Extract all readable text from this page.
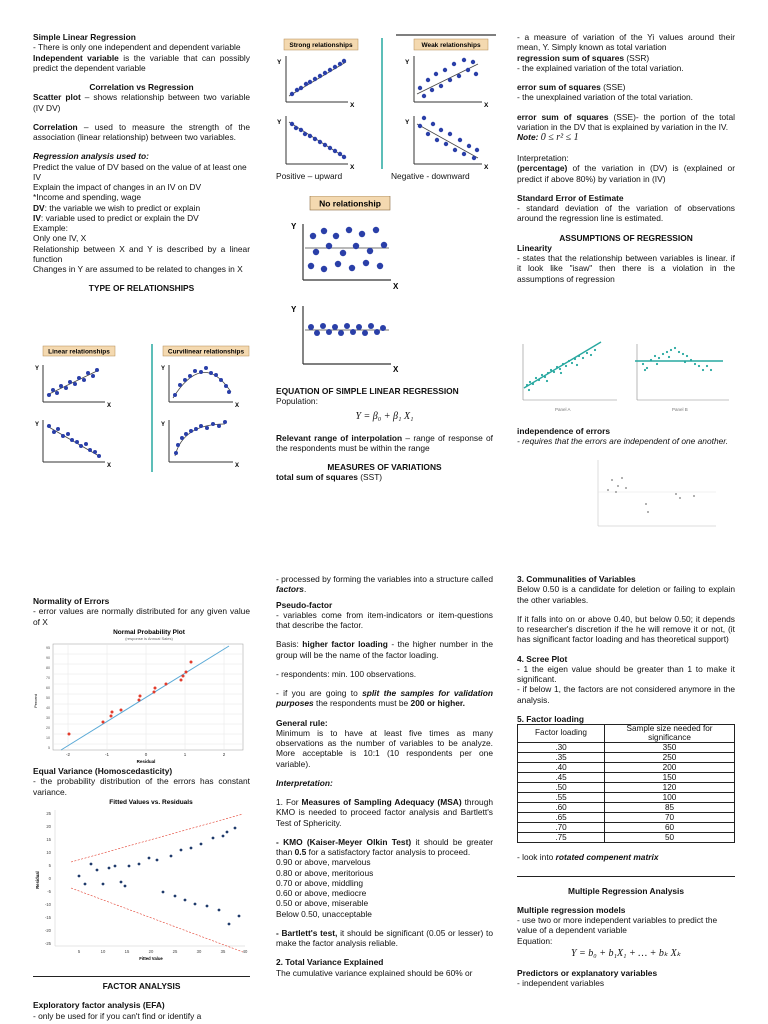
Simple Linear Regression

- There is only one independent and dependent variable

Independent variable is the variable that can possibly predict the dependent variable

Correlation vs Regression

Scatter plot – shows relationship between two variable (IV DV)

Correlation – used to measure the strength of the association (linear relationship) between two variables.

Regression analysis used to:

Predict the value of DV based on the value of at least one IV

Explain the impact of changes in an IV on DV

*Income and spending, wage

DV: the variable we wish to predict or explain

IV: variable used to predict or explain the DV

Example:

Only one IV, X

Relationship between X and Y is described by a linear function

Changes in Y are assumed to be related to changes in X

TYPE OF RELATIONSHIPS

Linear relationships	Curvilinear relationships
Y
X
Y
X
Y
X
Y
X
Strong relationships	Weak relationships
Y
X
Y
X
Y
X
Y
X
Positive – upward	Negative - downward
No relationship
Y
X
Y
X

EQUATION OF SIMPLE LINEAR REGRESSION

Population:

Y = β₀ + β₁ X₁

Relevant range of interpolation – range of response of the respondents must be within the range

MEASURES OF VARIATIONS

total sum of squares (SST)

- a measure of variation of the Yi values around their mean, Y. Simply known as total variation

regression sum of squares (SSR)

- the explained variation of the total variation.

error sum of squares (SSE)

- the unexplained variation of the total variation.

error sum of squares (SSE)- the portion of the total variation in the DV that is explained by variation in the IV.

Note: 0 ≤ r² ≤ 1

Interpretation:

(percentage) of the variation in (DV) is (explained or predict if above 80%) by variation in (IV)

Standard Error of Estimate

- standard deviation of the variation of observations around the regression line is estimated.

ASSUMPTIONS OF REGRESSION

Linearity

- states that the relationship between variables is linear. if it look like "isaw" then there is a violation in the assumptions of regression

Panel A	Panel B

independence of errors

- requires that the errors are independent of one another.

Normality of Errors

- error values are normally distributed for any given value of X

Normal Probability Plot
(response is Annual Sales)
95
90
80
70
60
50
40
30
20
10
5
Percent
-2	-1	0	1	2
Residual

Equal Variance (Homoscedasticity)

- the probability distribution of the errors has constant variance.

Fitted Values vs. Residuals
25
20
15
10
5
0
-5
-10
-15
-20
-25
Residual
5	10	15	20	25	30	35	40
Fitted Value

FACTOR ANALYSIS

Exploratory factor analysis (EFA)

- only be used for if you can't find or identify a

- processed by forming the variables into a structure called factors.

Pseudo-factor

- variables come from item-indicators or item-questions that describe the factor.

Basis: higher factor loading - the higher number in the group will be the name of the factor loading.

- respondents: min. 100 observations.

- if you are going to split the samples for validation purposes the respondents must be 200 or higher.

General rule:

Minimum is to have at least five times as many observations as the number of variables to be analyze. More acceptable is 10:1 (10 respondents per one variable).

Interpretation:

1. For Measures of Sampling Adequacy (MSA) through KMO is needed to proceed factor analysis and Bartlett's Test of Sphericity.

- KMO (Kaiser-Meyer Olkin Test) it should be greater than 0.5 for a satisfactory factor analysis to proceed.

0.90 or above, marvelous

0.80 or above, meritorious

0.70 or above, middling

0.60 or above, mediocre

0.50 or above, miserable

Below 0.50, unacceptable

- Bartlett's test, it should be significant (0.05 or lesser) to make the factor analysis reliable.

2. Total Variance Explained

The cumulative variance explained should be 60% or

3. Communalities of Variables

Below 0.50 is a candidate for deletion or failing to explain the other variables.

If it falls into on or above 0.40, but below 0.50; it depends to researcher's discretion if the he will remove it or not, (it has significant factor loading and has theoretical support)

4. Scree Plot

- 1 the eigen value should be greater than 1 to make it significant.

- if below 1, the factors are not considered anymore in the analysis.

5. Factor loading

Factor loading	Sample size needed for significance
.30	350
.35	250
.40	200
.45	150
.50	120
.55	100
.60	85
.65	70
.70	60
.75	50

- look into rotated compenent matrix

Multiple Regression Analysis

Multiple regression models

- use two or more independent variables to predict the value of a dependent variable

Equation:

Y = b₀ + b₁X₁ + … + bₖ Xₖ

Predictors or explanatory variables

- independent variables
